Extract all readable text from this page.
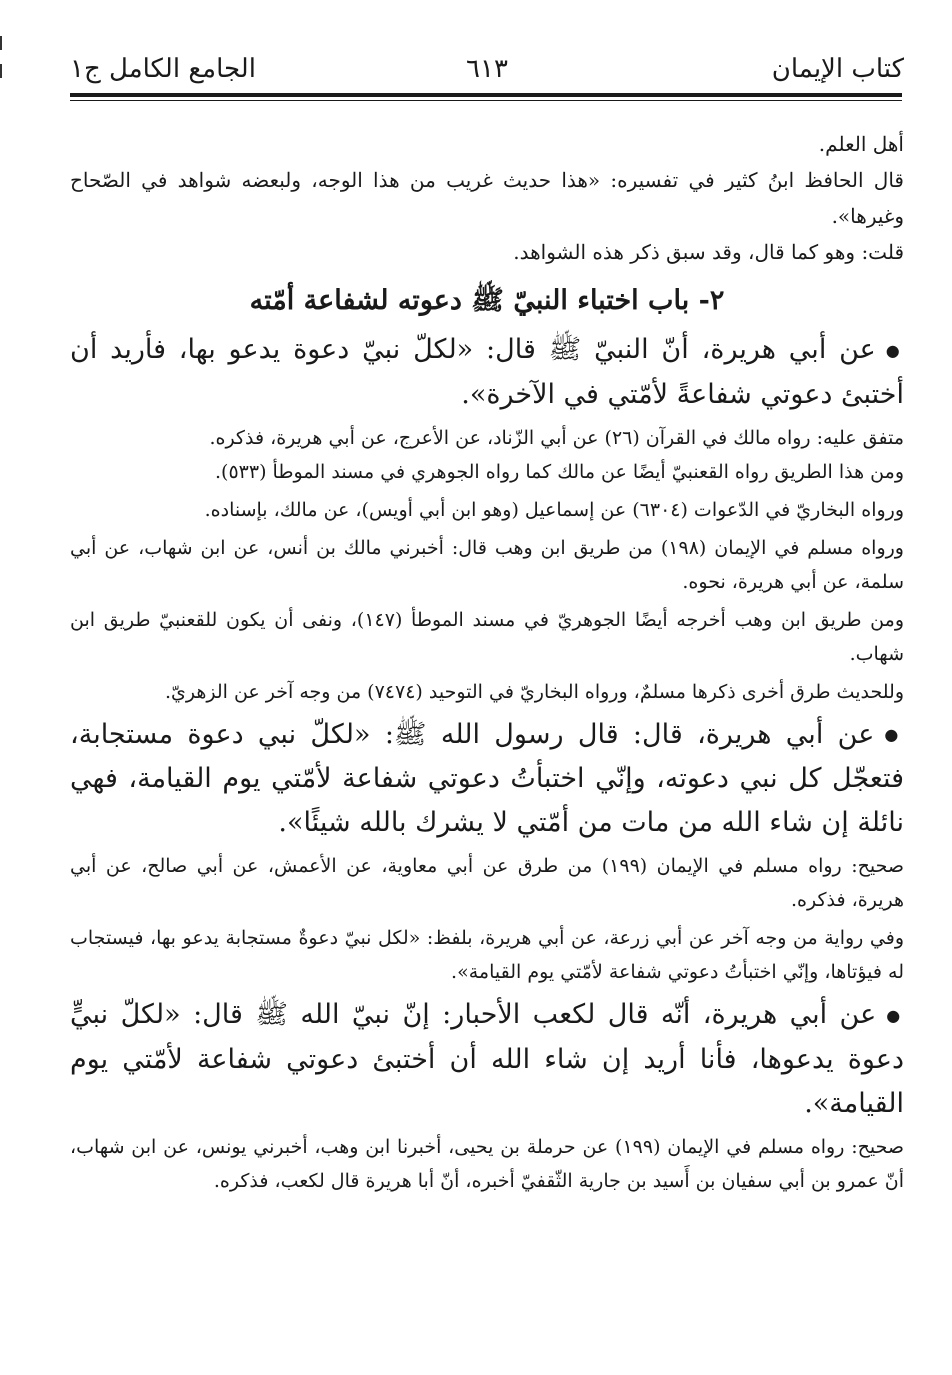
كتاب الإيمان
٦١٣
الجامع الكامل ج١

أهل العلم.

قال الحافظ ابنُ كثير في تفسيره: «هذا حديث غريب من هذا الوجه، ولبعضه شواهد في الصّحاح وغيرها».

قلت: وهو كما قال، وقد سبق ذكر هذه الشواهد.

٢- باب اختباء النبيّ ﷺ دعوته لشفاعة أمّته

●عن أبي هريرة، أنّ النبيّ ﷺ قال: «لكلّ نبيّ دعوة يدعو بها، فأريد أن أختبئ دعوتي شفاعةً لأمّتي في الآخرة».

متفق عليه: رواه مالك في القرآن (٢٦) عن أبي الزّناد، عن الأعرج، عن أبي هريرة، فذكره.

ومن هذا الطريق رواه القعنبيّ أيضًا عن مالك كما رواه الجوهري في مسند الموطأ (٥٣٣).

ورواه البخاريّ في الدّعوات (٦٣٠٤) عن إسماعيل (وهو ابن أبي أويس)، عن مالك، بإسناده.

ورواه مسلم في الإيمان (١٩٨) من طريق ابن وهب قال: أخبرني مالك بن أنس، عن ابن شهاب، عن أبي سلمة، عن أبي هريرة، نحوه.

ومن طريق ابن وهب أخرجه أيضًا الجوهريّ في مسند الموطأ (١٤٧)، ونفى أن يكون للقعنبيّ طريق ابن شهاب.

وللحديث طرق أخرى ذكرها مسلمٌ، ورواه البخاريّ في التوحيد (٧٤٧٤) من وجه آخر عن الزهريّ.

●عن أبي هريرة، قال: قال رسول الله ﷺ: «لكلّ نبي دعوة مستجابة، فتعجّل كل نبي دعوته، وإنّي اختبأتُ دعوتي شفاعة لأمّتي يوم القيامة، فهي نائلة إن شاء الله من مات من أمّتي لا يشرك بالله شيئًا».

صحيح: رواه مسلم في الإيمان (١٩٩) من طرق عن أبي معاوية، عن الأعمش، عن أبي صالح، عن أبي هريرة، فذكره.

وفي رواية من وجه آخر عن أبي زرعة، عن أبي هريرة، بلفظ: «لكل نبيّ دعوةٌ مستجابة يدعو بها، فيستجاب له فيؤتاها، وإنّي اختبأتُ دعوتي شفاعة لأمّتي يوم القيامة».

●عن أبي هريرة، أنّه قال لكعب الأحبار: إنّ نبيّ الله ﷺ قال: «لكلّ نبيٍّ دعوة يدعوها، فأنا أريد إن شاء الله أن أختبئ دعوتي شفاعة لأمّتي يوم القيامة».

صحيح: رواه مسلم في الإيمان (١٩٩) عن حرملة بن يحيى، أخبرنا ابن وهب، أخبرني يونس، عن ابن شهاب، أنّ عمرو بن أبي سفيان بن أَسيد بن جارية الثّقفيّ أخبره، أنّ أبا هريرة قال لكعب، فذكره.
